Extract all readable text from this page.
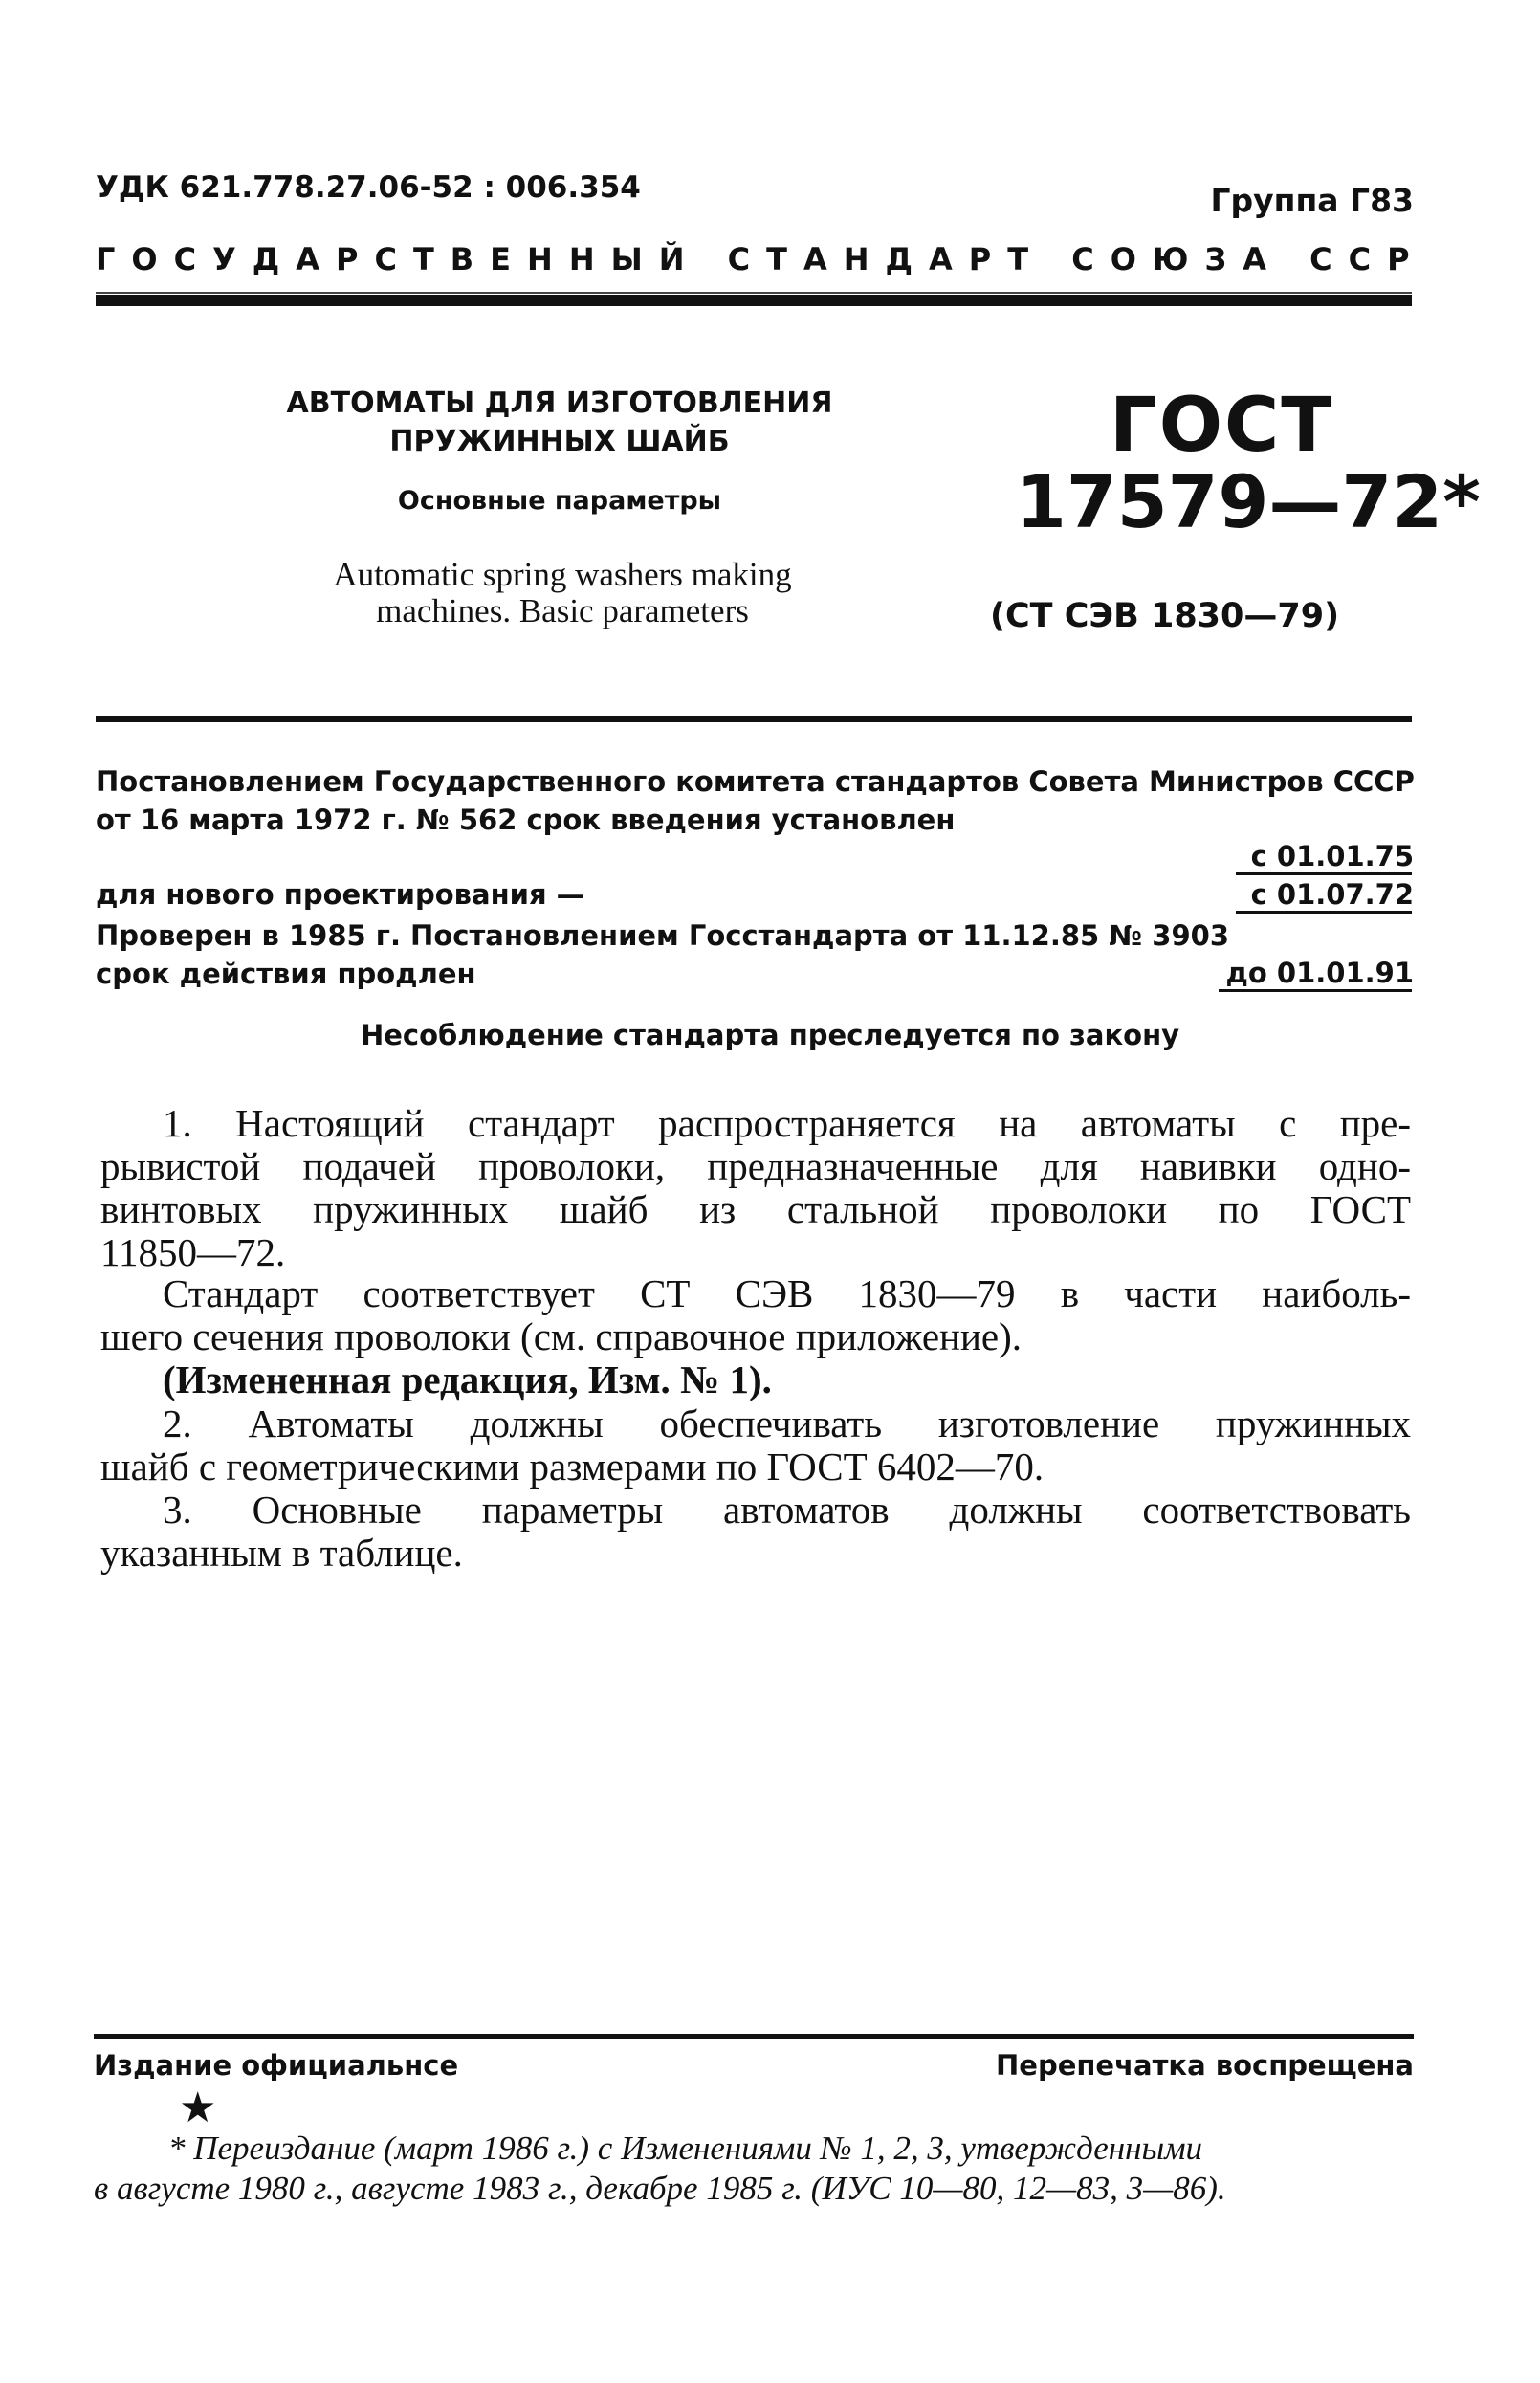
УДК 621.778.27.06-52 : 006.354	Группа Г83
ГОСУДАРСТВЕННЫЙ СТАНДАРТ СОЮЗА ССР
АВТОМАТЫ ДЛЯ ИЗГОТОВЛЕНИЯ
ПРУЖИННЫХ ШАЙБ
Основные параметры
Automatic spring washers making
machines. Basic parameters
ГОСТ
17579—72*
(СТ СЭВ 1830—79)
Постановлением Государственного комитета стандартов Совета Министров СССР
от 16 марта 1972 г. № 562 срок введения установлен
с 01.01.75
для нового проектирования —	с 01.07.72
Проверен в 1985 г. Постановлением Госстандарта от 11.12.85 № 3903
срок действия продлен	до 01.01.91
Несоблюдение стандарта преследуется по закону
1. Настоящий стандарт распространяется на автоматы с пре-
рывистой подачей проволоки, предназначенные для навивки одно-
винтовых пружинных шайб из стальной проволоки по ГОСТ
11850—72.
Стандарт соответствует СТ СЭВ 1830—79 в части наиболь-
шего сечения проволоки (см. справочное приложение).
(Измененная редакция, Изм. № 1).
2. Автоматы должны обеспечивать изготовление пружинных
шайб с геометрическими размерами по ГОСТ 6402—70.
3. Основные параметры автоматов должны соответствовать
указанным в таблице.
Издание официальнсе	Перепечатка воспрещена
★
* Переиздание (март 1986 г.) с Изменениями № 1, 2, 3, утвержденными
в августе 1980 г., августе 1983 г., декабре 1985 г. (ИУС 10—80, 12—83, 3—86).
